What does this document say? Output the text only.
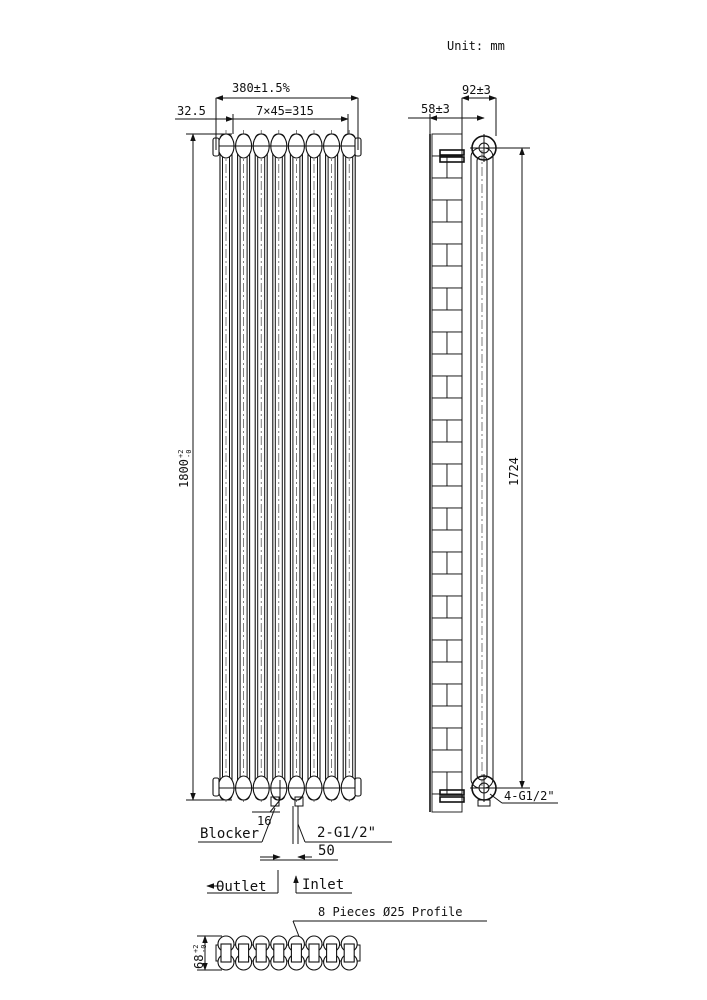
Unit: mm
380±1.5%
7×45=315
32.5
1800
+2 -0
16
Blocker	2-G1/2"
50
Outlet	Inlet
92±3
58±3
1724
4-G1/2"
8 Pieces Ø25 Profile
68
+2 -0
